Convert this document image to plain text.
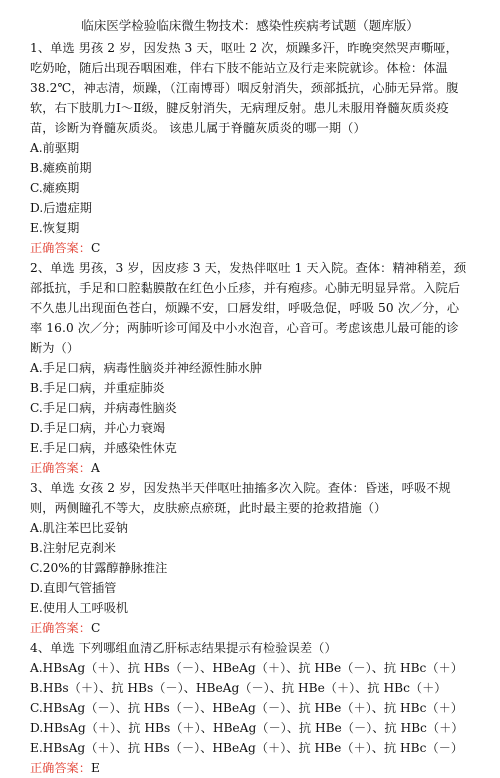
临床医学检验临床微生物技术：感染性疾病考试题（题库版）

1、单选 男孩 2 岁，因发热 3 天，呕吐 2 次，烦躁多汗，昨晚突然哭声嘶哑，吃奶呛，随后出现吞咽困难，伴右下肢不能站立及行走来院就诊。体检：体温 38.2℃，神志清，烦躁，（江南博哥）咽反射消失，颈部抵抗，心肺无异常。腹软，右下肢肌力Ⅰ～Ⅱ级，腱反射消失，无病理反射。患儿未服用脊髓灰质炎疫苗，诊断为脊髓灰质炎。 该患儿属于脊髓灰质炎的哪一期（）

A.前驱期
B.瘫痪前期
C.瘫痪期
D.后遗症期
E.恢复期
正确答案：C

2、单选 男孩，3 岁，因皮疹 3 天，发热伴呕吐 1 天入院。查体：精神稍差，颈部抵抗，手足和口腔黏膜散在红色小丘疹，并有疱疹。心肺无明显异常。入院后不久患儿出现面色苍白，烦躁不安，口唇发绀，呼吸急促，呼吸 50 次／分，心率 16.0 次／分；两肺听诊可闻及中小水泡音，心音可。考虑该患儿最可能的诊断为（）

A.手足口病，病毒性脑炎并神经源性肺水肿
B.手足口病，并重症肺炎
C.手足口病，并病毒性脑炎
D.手足口病，并心力衰竭
E.手足口病，并感染性休克
正确答案：A

3、单选 女孩 2 岁，因发热半天伴呕吐抽搐多次入院。查体：昏迷，呼吸不规则，两侧瞳孔不等大，皮肤瘀点瘀斑，此时最主要的抢救措施（）

A.肌注苯巴比妥钠
B.注射尼克刹米
C.20%的甘露醇静脉推注
D.直即气管插管
E.使用人工呼吸机
正确答案：C

4、单选 下列哪组血清乙肝标志结果提示有检验误差（）

A.HBsAg（＋）、抗 HBs（－）、HBeAg（＋）、抗 HBe（－）、抗 HBc（＋）
B.HBs（＋）、抗 HBs（－）、HBeAg（－）、抗 HBe（＋）、抗 HBc（＋）
C.HBsAg（－）、抗 HBs（－）、HBeAg（－）、抗 HBe（＋）、抗 HBc（＋）
D.HBsAg（＋）、抗 HBs（＋）、HBeAg（－）、抗 HBe（－）、抗 HBc（＋）
E.HBsAg（＋）、抗 HBs（－）、HBeAg（＋）、抗 HBe（＋）、抗 HBc（－）
正确答案：E
